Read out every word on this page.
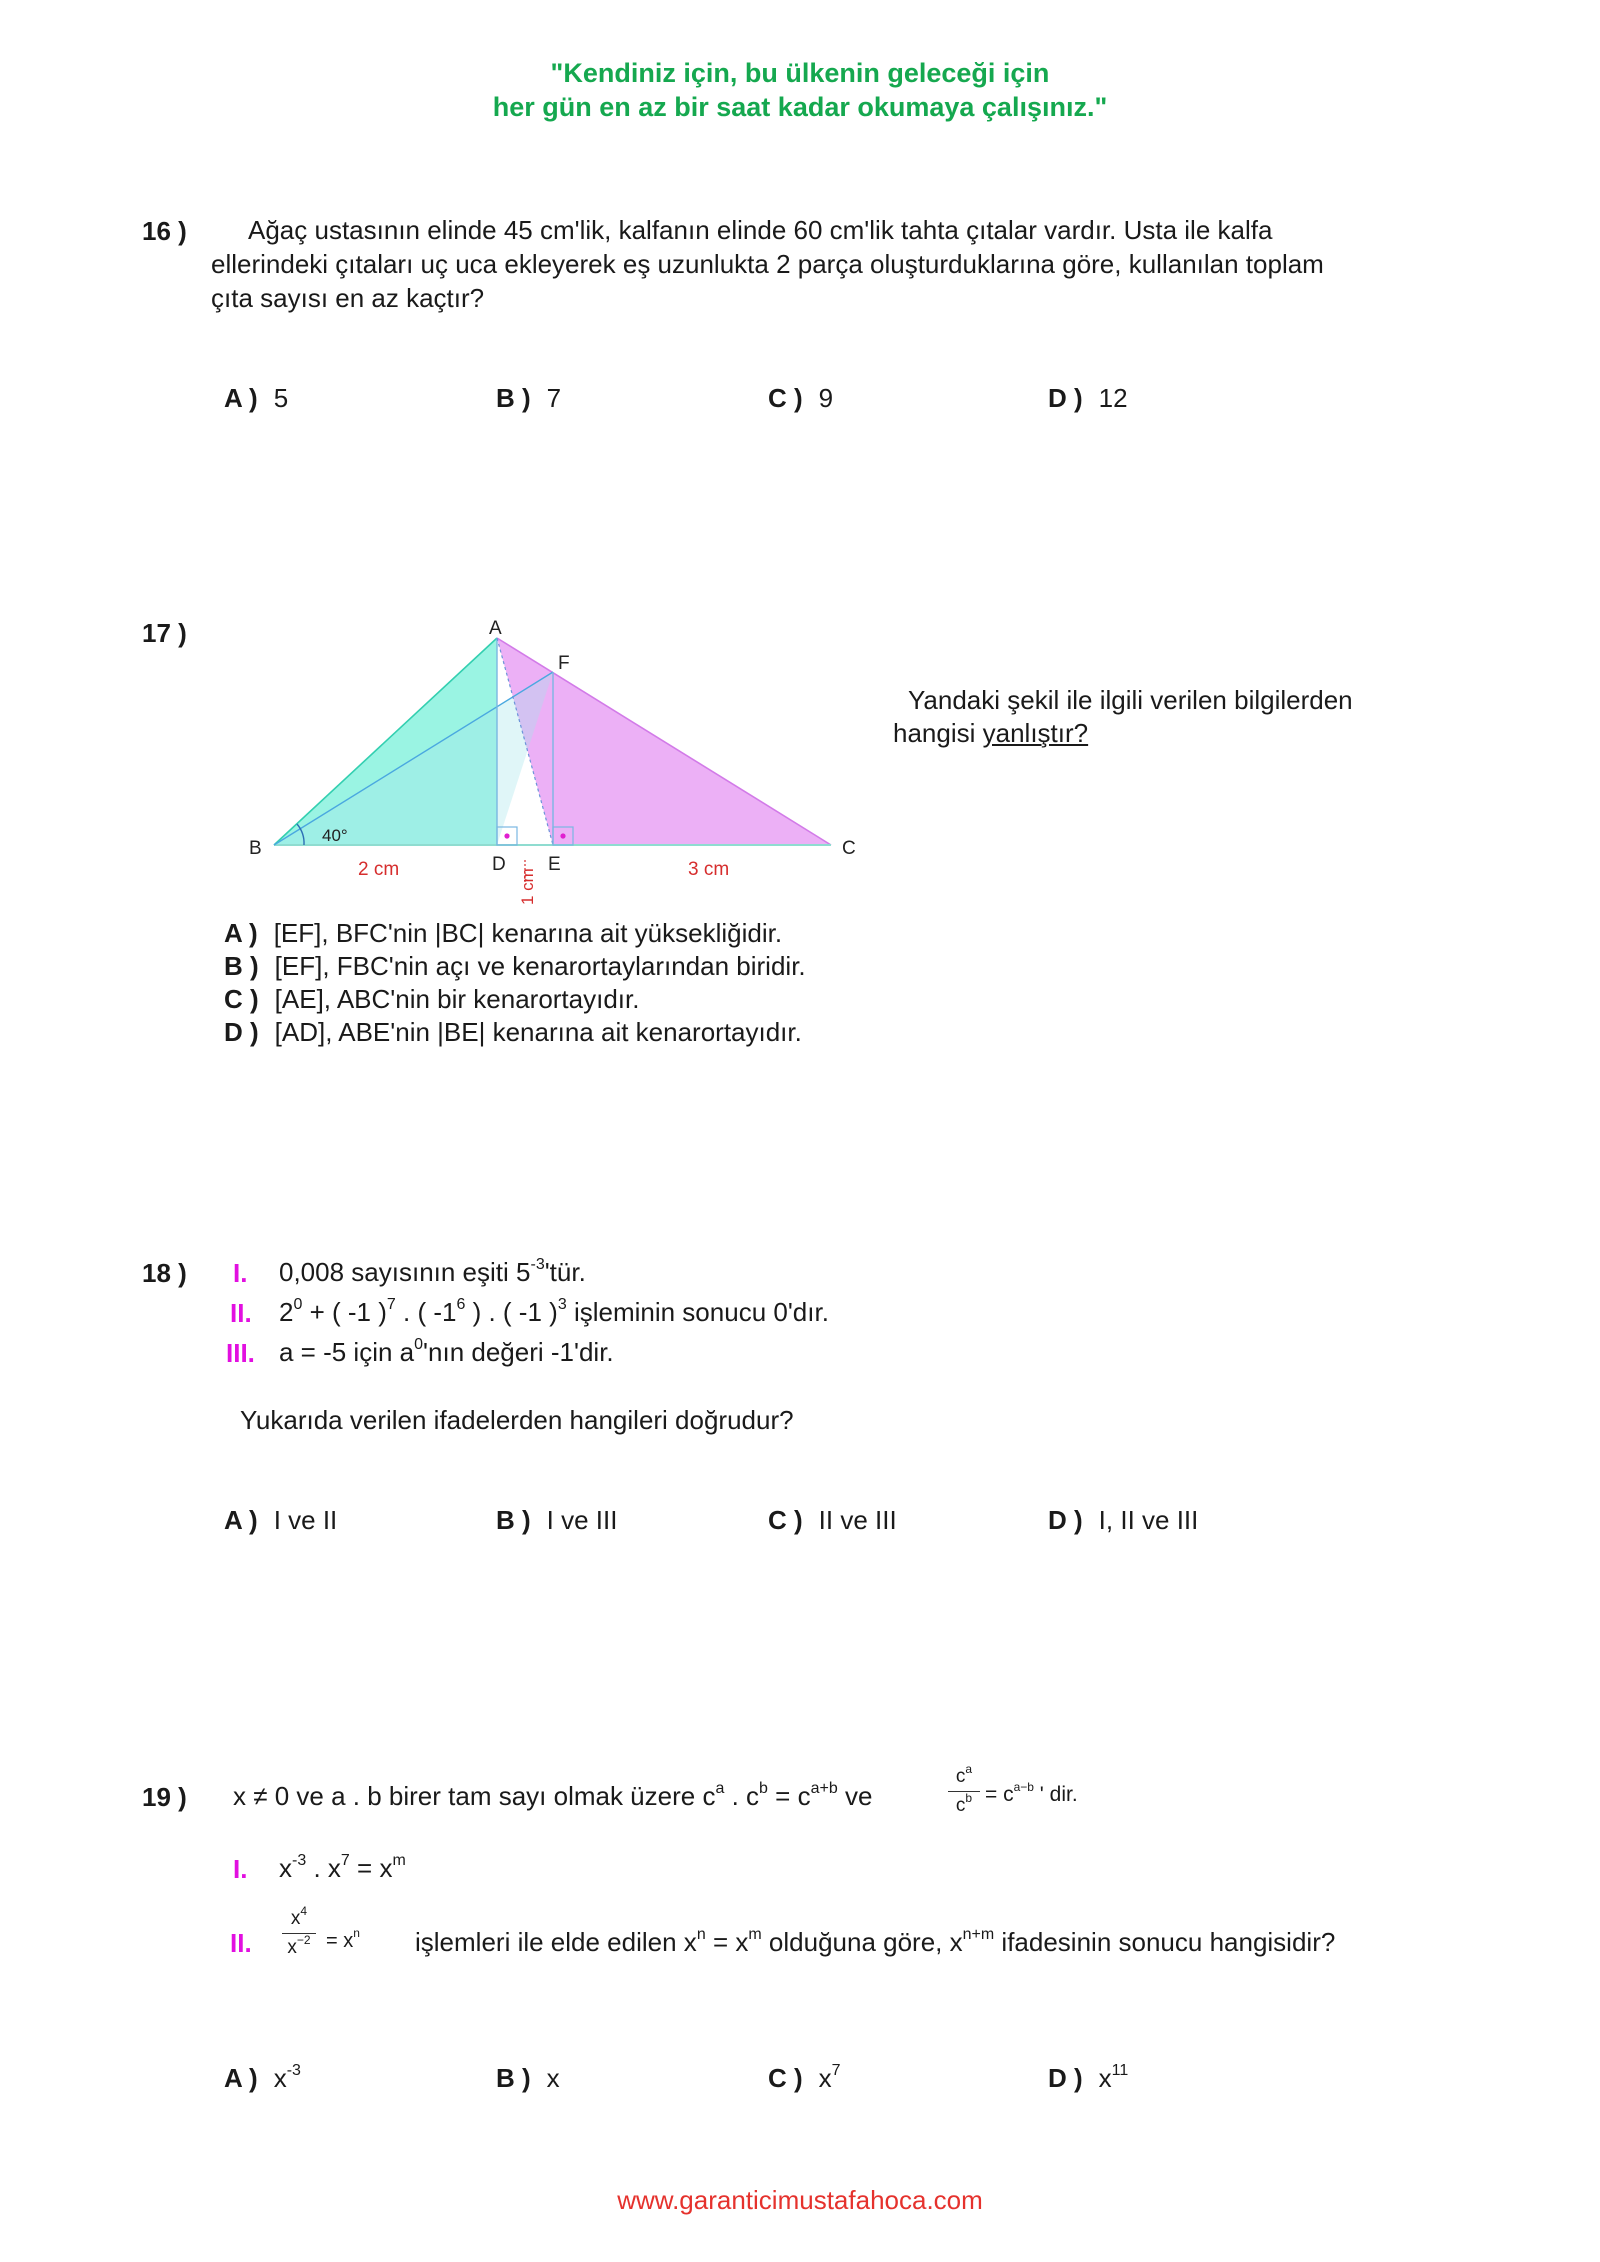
"Kendiniz için, bu ülkenin geleceği için
her gün en az bir saat kadar okumaya çalışınız."
16 ) Ağaç ustasının elinde 45 cm'lik, kalfanın elinde 60 cm'lik tahta çıtalar vardır. Usta ile kalfa
ellerindeki çıtaları uç uca ekleyerek eş uzunlukta 2 parça oluşturduklarına göre, kullanılan toplam
çıta sayısı en az kaçtır?
A ) 5	B ) 7	C ) 9	D ) 12
17 )	A
F
B	C
D E
40°
2 cm	3 cm
1 cm
Yandaki şekil ile ilgili verilen bilgilerden
hangisi yanlıştır?
A ) [EF], BFC'nin |BC| kenarına ait yüksekliğidir.
B ) [EF], FBC'nin açı ve kenarortaylarından biridir.
C ) [AE], ABC'nin bir kenarortayıdır.
D ) [AD], ABE'nin |BE| kenarına ait kenarortayıdır.
18 ) I. 0,008 sayısının eşiti $5^{-3}'tür$.
II. $2^0$ + ( -1 )$^7$ . ( $-1^6$ ) . ( -1 )$^3$ işleminin sonucu 0'dır.
III. a = -5 için $a^0'nın$ değeri -1'dir.
Yukarıda verilen ifadelerden hangileri doğrudur?
A ) I ve II	B ) I ve III	C ) II ve III	D ) I, II ve III
19 ) x ≠ 0 ve a . b birer tam sayı olmak üzere $c^a$ . $c^b = c^{a+b}$ ve
$c^a$
$c^b = c^{a-b}$ ' dir.
I. $x^{-3}$ . $x^7 = x^m$
II.
$x^4$
$x^{-2} = x^n$ işlemleri ile elde edilen $x^n = x^m$ olduğuna göre, $x^{n+m}$ ifadesinin sonucu hangisidir?
A ) $x^{-3}$	B ) x	C ) $x^7$	D ) $x^{11}$
www.garanticimustafahoca.com
